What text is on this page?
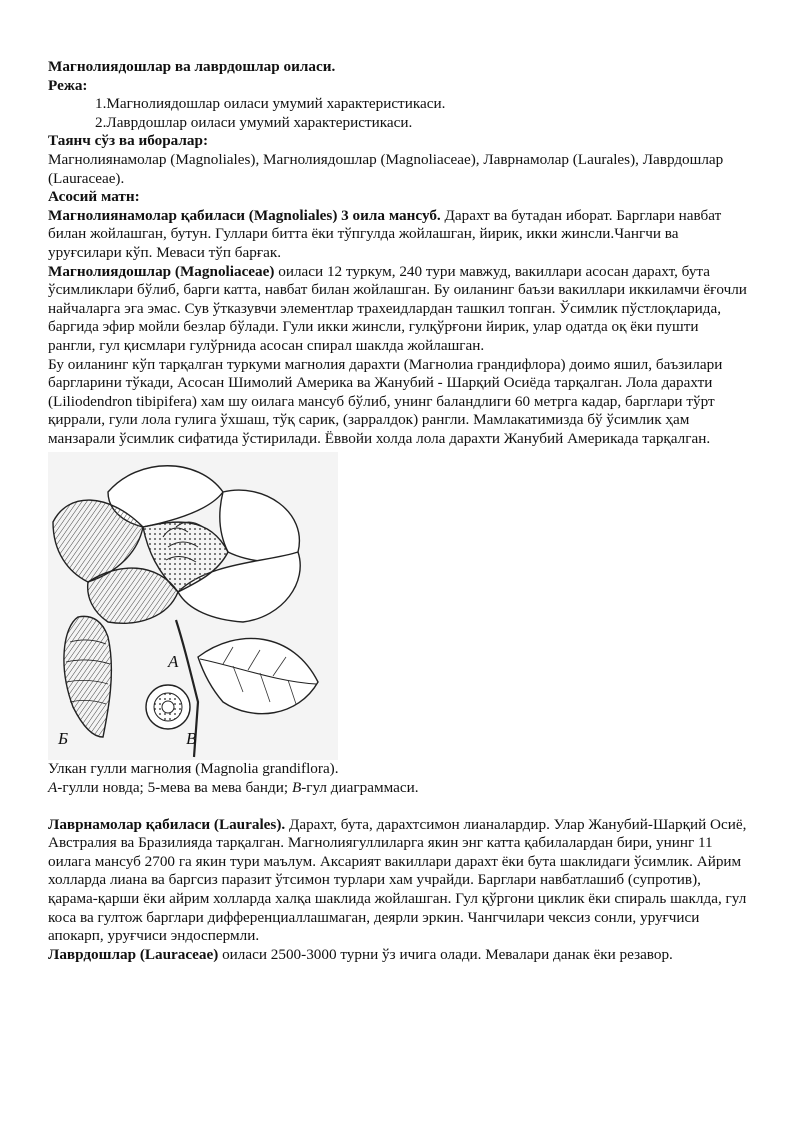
Магнолиядошлар ва лаврдошлар оиласи.

Режа:

1.Магнолиядошлар оиласи умумий характеристикаси.

2.Лаврдошлар оиласи умумий характеристикаси.

Таянч сўз ва иборалар:

Магнолиянамолар (Magnoliales), Магнолиядошлар (Magnoliaceae), Лаврнамолар (Laurales), Лаврдошлар (Lauraceae).

Асосий матн:

Магнолиянамолар қабиласи (Magnoliales) 3 оила мансуб. Дарахт ва бутадан иборат. Барглари навбат билан жойлашган, бутун. Гуллари битта ёки тўпгулда жойлашган, йирик, икки жинсли.Чангчи ва уруғсилари кўп. Меваси тўп барғак.

Магнолиядошлар (Magnoliaceae) оиласи 12 туркум, 240 тури мавжуд, вакиллари асосан дарахт, бута ўсимликлари бўлиб, барги катта, навбат билан жойлашган. Бу оиланинг баъзи вакиллари иккиламчи ёғочли найчаларга эга эмас. Сув ўтказувчи элементлар трахеидлардан ташкил топган. Ўсимлик пўстлоқларида, баргида эфир мойли безлар бўлади. Гули икки жинсли, гулқўрғони йирик, улар одатда оқ ёки пушти рангли, гул қисмлари гулўрнида асосан спирал шаклда жойлашган.

Бу оиланинг кўп тарқалган туркуми магнолия дарахти (Магнолиа грандифлора) доимо яшил, баъзилари баргларини тўкади, Асосан Шимолий Америка ва Жанубий - Шарқий Осиёда тарқалган. Лола дарахти (Liliodendron tibipifera) хам шу оилага мансуб бўлиб, унинг баландлиги 60 метрга кадар, барглари тўрт қиррали, гули лола гулига ўхшаш, тўқ сарик, (зарралдок) рангли. Мамлакатимизда бў ўсимлик ҳам манзарали ўсимлик сифатида ўстирилади. Ёввойи холда лола дарахти Жанубий Америкада тарқалган.

A
Б	B

Улкан гулли магнолия (Magnolia grandiflora).

А-гулли новда; 5-мева ва мева банди; В-гул диаграммаси.

Лаврнамолар қабиласи (Laurales). Дарахт, бута, дарахтсимон лианалардир. Улар Жанубий-Шарқий Осиё, Австралия ва Бразилияда тарқалган. Магнолиягуллиларга якин энг катта қабилалардан бири, унинг 11 оилага мансуб 2700 га якин тури маълум. Аксарият вакиллари дарахт ёки бута шаклидаги ўсимлик. Айрим холларда лиана ва баргсиз паразит ўтсимон турлари хам учрайди. Барглари навбатлашиб (супротив), қарама-қарши ёки айрим холларда халқа шаклида жойлашган. Гул қўргони циклик ёки спираль шаклда, гул коса ва гултож барглари дифференциаллашмаган, деярли эркин. Чангчилари чексиз сонли, уруғчиси апокарп, уруғчиси эндоспермли.

Лаврдошлар (Lauraceae) оиласи 2500-3000 турни ўз ичига олади. Мевалари данак ёки резавор.
